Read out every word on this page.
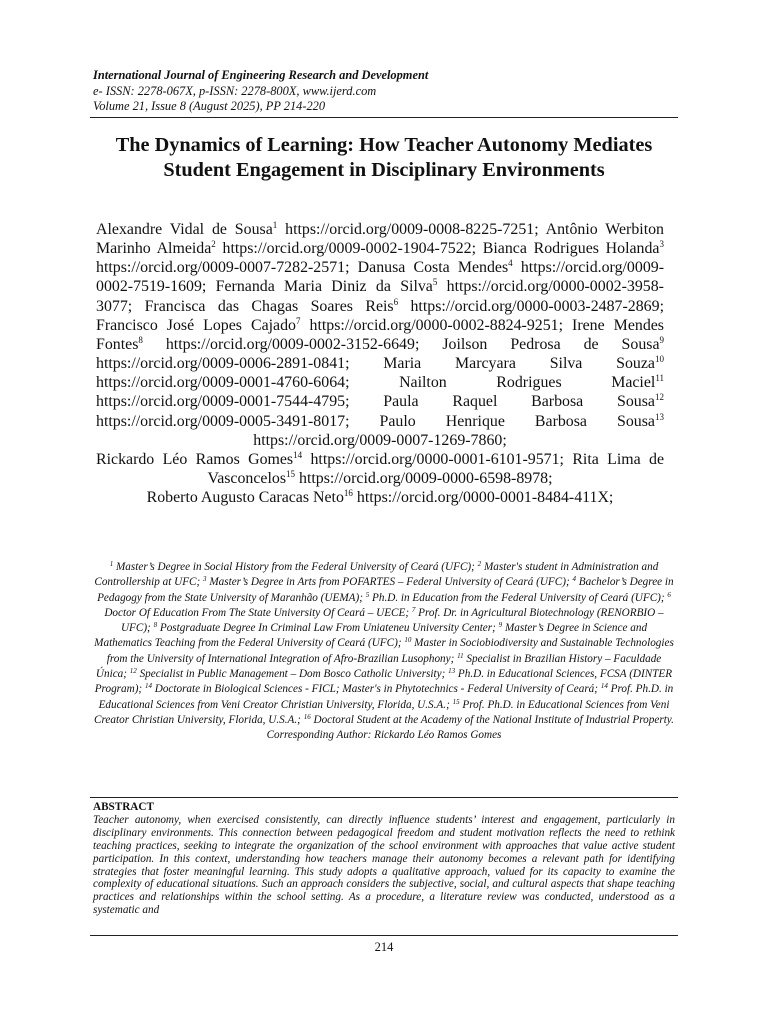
International Journal of Engineering Research and Development
e- ISSN: 2278-067X, p-ISSN: 2278-800X, www.ijerd.com
Volume 21, Issue 8 (August 2025), PP 214-220
The Dynamics of Learning: How Teacher Autonomy Mediates Student Engagement in Disciplinary Environments
Alexandre Vidal de Sousa$^1$ https://orcid.org/0009-0008-8225-7251; Antônio Werbiton Marinho Almeida$^2$ https://orcid.org/0009-0002-1904-7522; Bianca Rodrigues Holanda$^3$ https://orcid.org/0009-0007-7282-2571; Danusa Costa Mendes$^4$ https://orcid.org/0009-0002-7519-1609; Fernanda Maria Diniz da Silva$^5$ https://orcid.org/0000-0002-3958-3077; Francisca das Chagas Soares Reis$^6$ https://orcid.org/0000-0003-2487-2869; Francisco José Lopes Cajado$^7$ https://orcid.org/0000-0002-8824-9251; Irene Mendes Fontes$^8$ https://orcid.org/0009-0002-3152-6649; Joilson Pedrosa de Sousa$^9$ https://orcid.org/0009-0006-2891-0841; Maria Marcyara Silva Souza$^{10}$ https://orcid.org/0009-0001-4760-6064;	Nailton Rodrigues Maciel$^{11}$ https://orcid.org/0009-0001-7544-4795; Paula Raquel Barbosa Sousa$^{12}$ https://orcid.org/0009-0005-3491-8017; Paulo Henrique Barbosa Sousa$^{13}$ https://orcid.org/0009-0007-1269-7860;
Rickardo Léo Ramos Gomes$^{14}$ https://orcid.org/0000-0001-6101-9571; Rita Lima de Vasconcelos$^{15}$ https://orcid.org/0009-0000-6598-8978;
Roberto Augusto Caracas Neto$^{16}$ https://orcid.org/0000-0001-8484-411X;
$^1$ Master’s Degree in Social History from the Federal University of Ceará (UFC); $^2$ Master's student in Administration and Controllership at UFC; $^3$ Master’s Degree in Arts from POFARTES – Federal University of Ceará (UFC); $^4$ Bachelor’s Degree in Pedagogy from the State University of Maranhão (UEMA); $^5$ Ph.D. in Education from the Federal University of Ceará (UFC); $^6$ Doctor Of Education From The State University Of Ceará – UECE; $^7$ Prof. Dr. in Agricultural Biotechnology (RENORBIO – UFC); $^8$ Postgraduate Degree In Criminal Law From Uniateneu University Center; $^9$ Master’s Degree in Science and Mathematics Teaching from the Federal University of Ceará (UFC); $^{10}$ Master in Sociobiodiversity and Sustainable Technologies from the University of International Integration of Afro-Brazilian Lusophony; $^{11}$ Specialist in Brazilian History – Faculdade Única; $^{12}$ Specialist in Public Management – Dom Bosco Catholic University; $^{13}$ Ph.D. in Educational Sciences, FCSA (DINTER Program); $^{14}$ Doctorate in Biological Sciences - FICL; Master's in Phytotechnics - Federal University of Ceará; $^{14}$ Prof. Ph.D. in Educational Sciences from Veni Creator Christian University, Florida, U.S.A.; $^{15}$ Prof. Ph.D. in Educational Sciences from Veni Creator Christian University, Florida, U.S.A.; $^{16}$ Doctoral Student at the Academy of the National Institute of Industrial Property.
Corresponding Author: Rickardo Léo Ramos Gomes
ABSTRACT
Teacher autonomy, when exercised consistently, can directly influence students’ interest and engagement, particularly in disciplinary environments. This connection between pedagogical freedom and student motivation reflects the need to rethink teaching practices, seeking to integrate the organization of the school environment with approaches that value active student participation. In this context, understanding how teachers manage their autonomy becomes a relevant path for identifying strategies that foster meaningful learning. This study adopts a qualitative approach, valued for its capacity to examine the complexity of educational situations. Such an approach considers the subjective, social, and cultural aspects that shape teaching practices and relationships within the school setting. As a procedure, a literature review was conducted, understood as a systematic and
214
